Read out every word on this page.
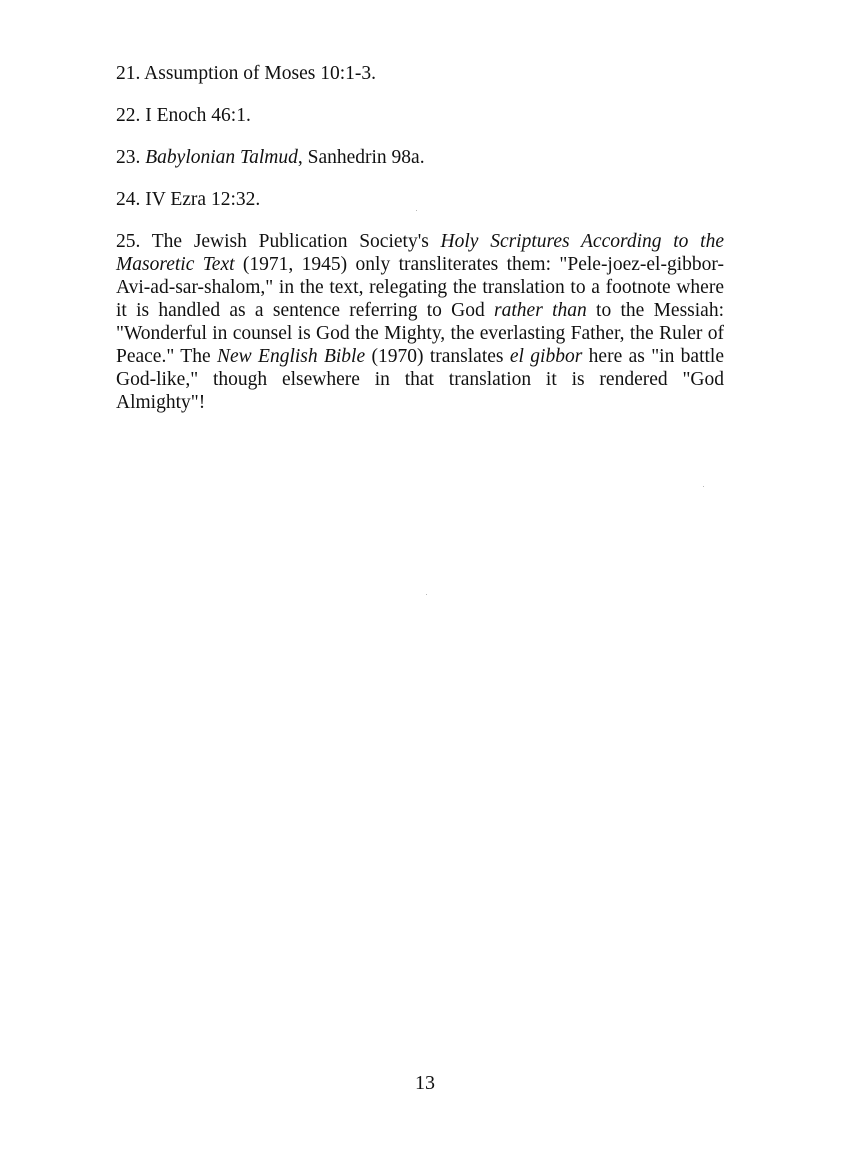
21. Assumption of Moses 10:1-3.
22. I Enoch 46:1.
23. Babylonian Talmud, Sanhedrin 98a.
24. IV Ezra 12:32.
25. The Jewish Publication Society's Holy Scriptures According to the Masoretic Text (1971, 1945) only transliterates them: "Pele-joez-el-gibbor-Avi-ad-sar-shalom," in the text, relegating the translation to a footnote where it is handled as a sentence referring to God rather than to the Messiah: "Wonderful in counsel is God the Mighty, the everlasting Father, the Ruler of Peace." The New English Bible (1970) translates el gibbor here as "in battle God-like," though elsewhere in that translation it is rendered "God Almighty"!
13
